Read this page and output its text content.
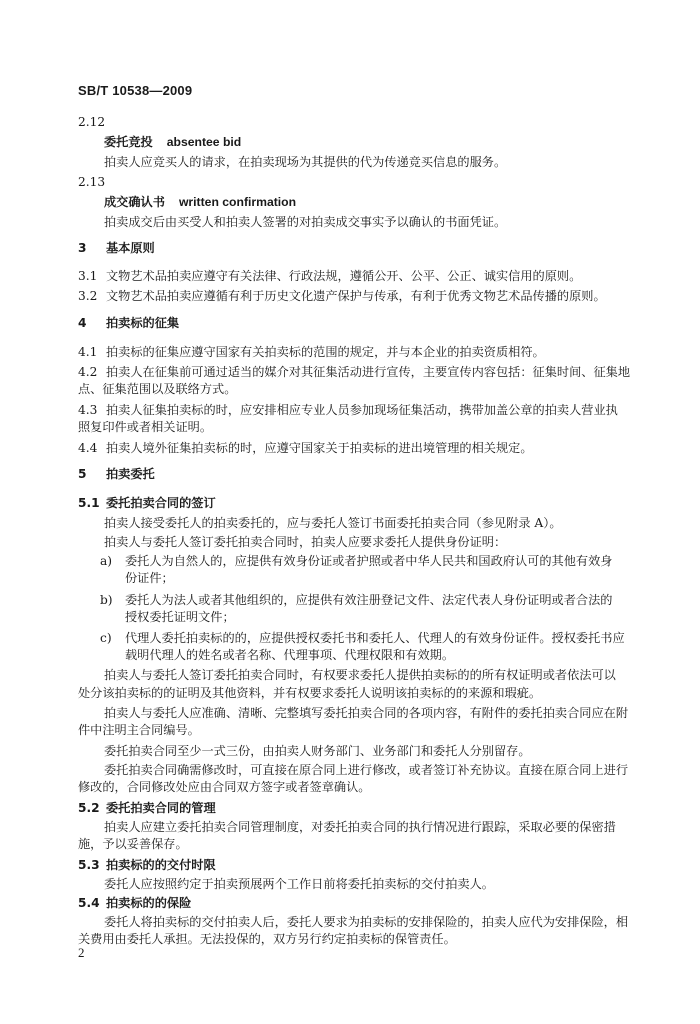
SB/T 10538—2009
2.12
委托竞投 absentee bid
拍卖人应竞买人的请求，在拍卖现场为其提供的代为传递竞买信息的服务。
2.13
成交确认书 written confirmation
拍卖成交后由买受人和拍卖人签署的对拍卖成交事实予以确认的书面凭证。
3 基本原则
3.1 文物艺术品拍卖应遵守有关法律、行政法规，遵循公开、公平、公正、诚实信用的原则。
3.2 文物艺术品拍卖应遵循有利于历史文化遗产保护与传承，有利于优秀文物艺术品传播的原则。
4 拍卖标的征集
4.1 拍卖标的征集应遵守国家有关拍卖标的范围的规定，并与本企业的拍卖资质相符。
4.2 拍卖人在征集前可通过适当的媒介对其征集活动进行宣传，主要宣传内容包括：征集时间、征集地
点、征集范围以及联络方式。
4.3 拍卖人征集拍卖标的时，应安排相应专业人员参加现场征集活动，携带加盖公章的拍卖人营业执
照复印件或者相关证明。
4.4 拍卖人境外征集拍卖标的时，应遵守国家关于拍卖标的进出境管理的相关规定。
5 拍卖委托
5.1 委托拍卖合同的签订
拍卖人接受委托人的拍卖委托的，应与委托人签订书面委托拍卖合同（参见附录 A）。
拍卖人与委托人签订委托拍卖合同时，拍卖人应要求委托人提供身份证明：
a) 委托人为自然人的，应提供有效身份证或者护照或者中华人民共和国政府认可的其他有效身
份证件；
b) 委托人为法人或者其他组织的，应提供有效注册登记文件、法定代表人身份证明或者合法的
授权委托证明文件；
c) 代理人委托拍卖标的的，应提供授权委托书和委托人、代理人的有效身份证件。授权委托书应
载明代理人的姓名或者名称、代理事项、代理权限和有效期。
拍卖人与委托人签订委托拍卖合同时，有权要求委托人提供拍卖标的的所有权证明或者依法可以
处分该拍卖标的的证明及其他资料，并有权要求委托人说明该拍卖标的的来源和瑕疵。
拍卖人与委托人应准确、清晰、完整填写委托拍卖合同的各项内容，有附件的委托拍卖合同应在附
件中注明主合同编号。
委托拍卖合同至少一式三份，由拍卖人财务部门、业务部门和委托人分别留存。
委托拍卖合同确需修改时，可直接在原合同上进行修改，或者签订补充协议。直接在原合同上进行
修改的，合同修改处应由合同双方签字或者签章确认。
5.2 委托拍卖合同的管理
拍卖人应建立委托拍卖合同管理制度，对委托拍卖合同的执行情况进行跟踪，采取必要的保密措
施，予以妥善保存。
5.3 拍卖标的的交付时限
委托人应按照约定于拍卖预展两个工作日前将委托拍卖标的交付拍卖人。
5.4 拍卖标的的保险
委托人将拍卖标的交付拍卖人后，委托人要求为拍卖标的安排保险的，拍卖人应代为安排保险，相
关费用由委托人承担。无法投保的，双方另行约定拍卖标的保管责任。
2
